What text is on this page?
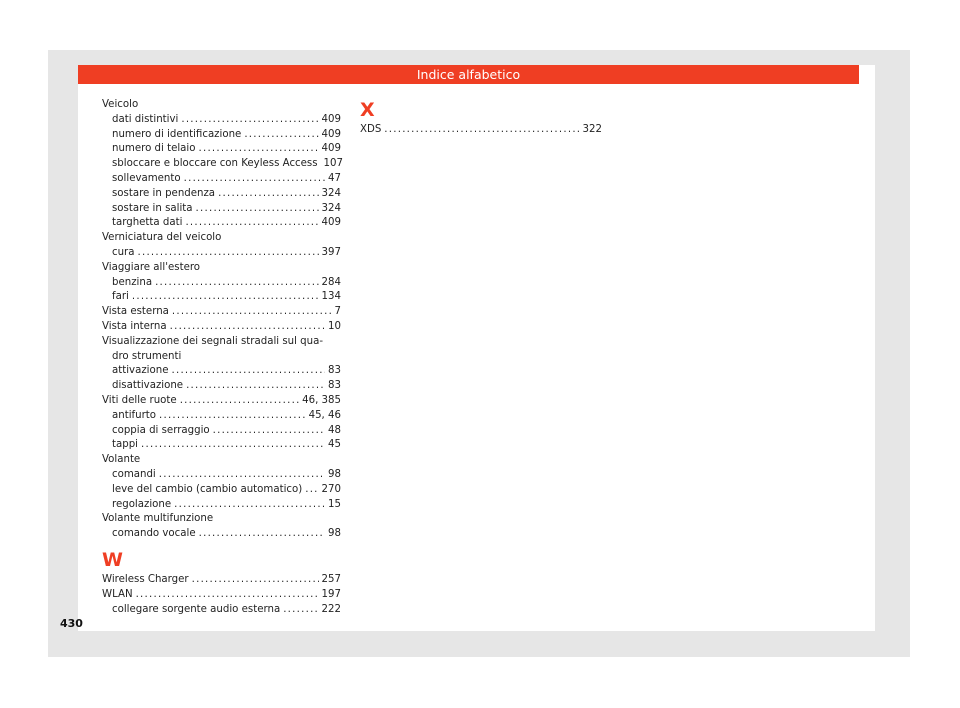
Indice alfabetico
Veicolo
dati distintivi . . .	409
numero di identificazione . . .	409
numero di telaio . . .	409
sbloccare e bloccare con Keyless Access 107
sollevamento . . .	47
sostare in pendenza . . .	324
sostare in salita . . .	324
targhetta dati . . .	409
Verniciatura del veicolo
cura . . .	397
Viaggiare all'estero
benzina . . .	284
fari . . .	134
Vista esterna . . .	7
Vista interna . . .	10
Visualizzazione dei segnali stradali sul qua-
dro strumenti
attivazione . . .	83
disattivazione . . .	83
Viti delle ruote . . .	46, 385
antifurto . . .	45, 46
coppia di serraggio . . .	48
tappi . . .	45
Volante
comandi . . .	98
leve del cambio (cambio automatico) . . . 270
regolazione . . .	15
Volante multifunzione
comando vocale . . .	98
W
Wireless Charger . . .	257
WLAN . . .	197
collegare sorgente audio esterna . . .	222
X
XDS . . .	322
430
